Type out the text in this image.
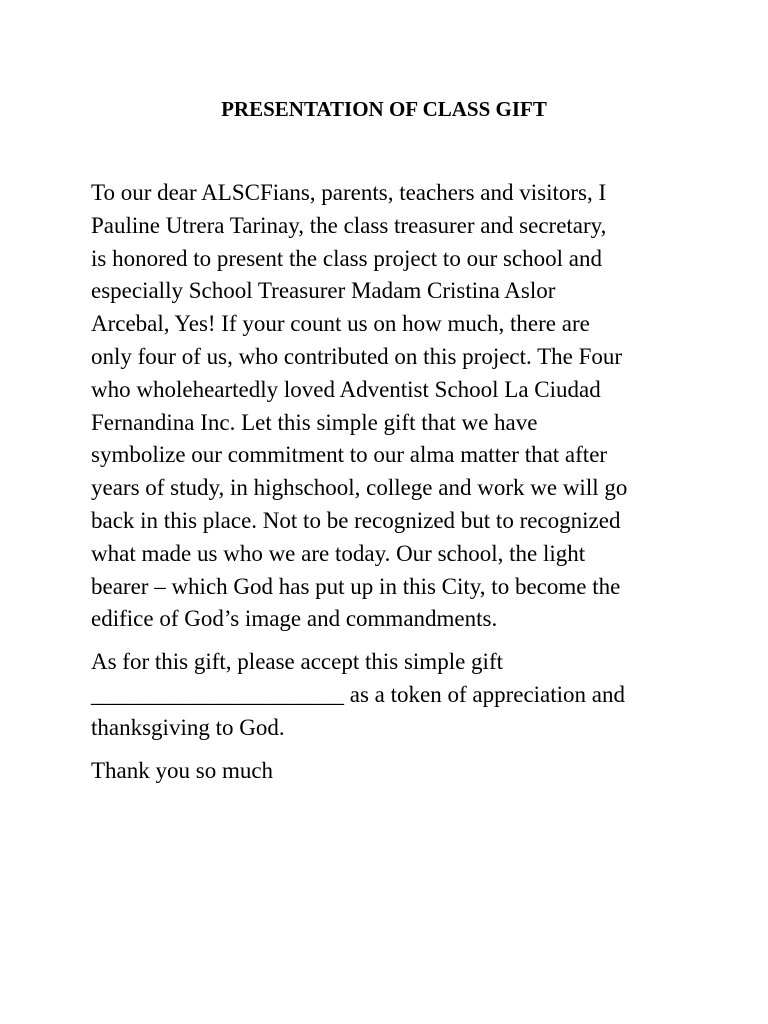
PRESENTATION OF CLASS GIFT

To our dear ALSCFians, parents, teachers and visitors, I
Pauline Utrera Tarinay, the class treasurer and secretary,
is honored to present the class project to our school and
especially School Treasurer Madam Cristina Aslor
Arcebal, Yes! If your count us on how much, there are
only four of us, who contributed on this project. The Four
who wholeheartedly loved Adventist School La Ciudad
Fernandina Inc. Let this simple gift that we have
symbolize our commitment to our alma matter that after
years of study, in highschool, college and work we will go
back in this place. Not to be recognized but to recognized
what made us who we are today. Our school, the light
bearer – which God has put up in this City, to become the
edifice of God’s image and commandments.

As for this gift, please accept this simple gift
______________________ as a token of appreciation and
thanksgiving to God.

Thank you so much
